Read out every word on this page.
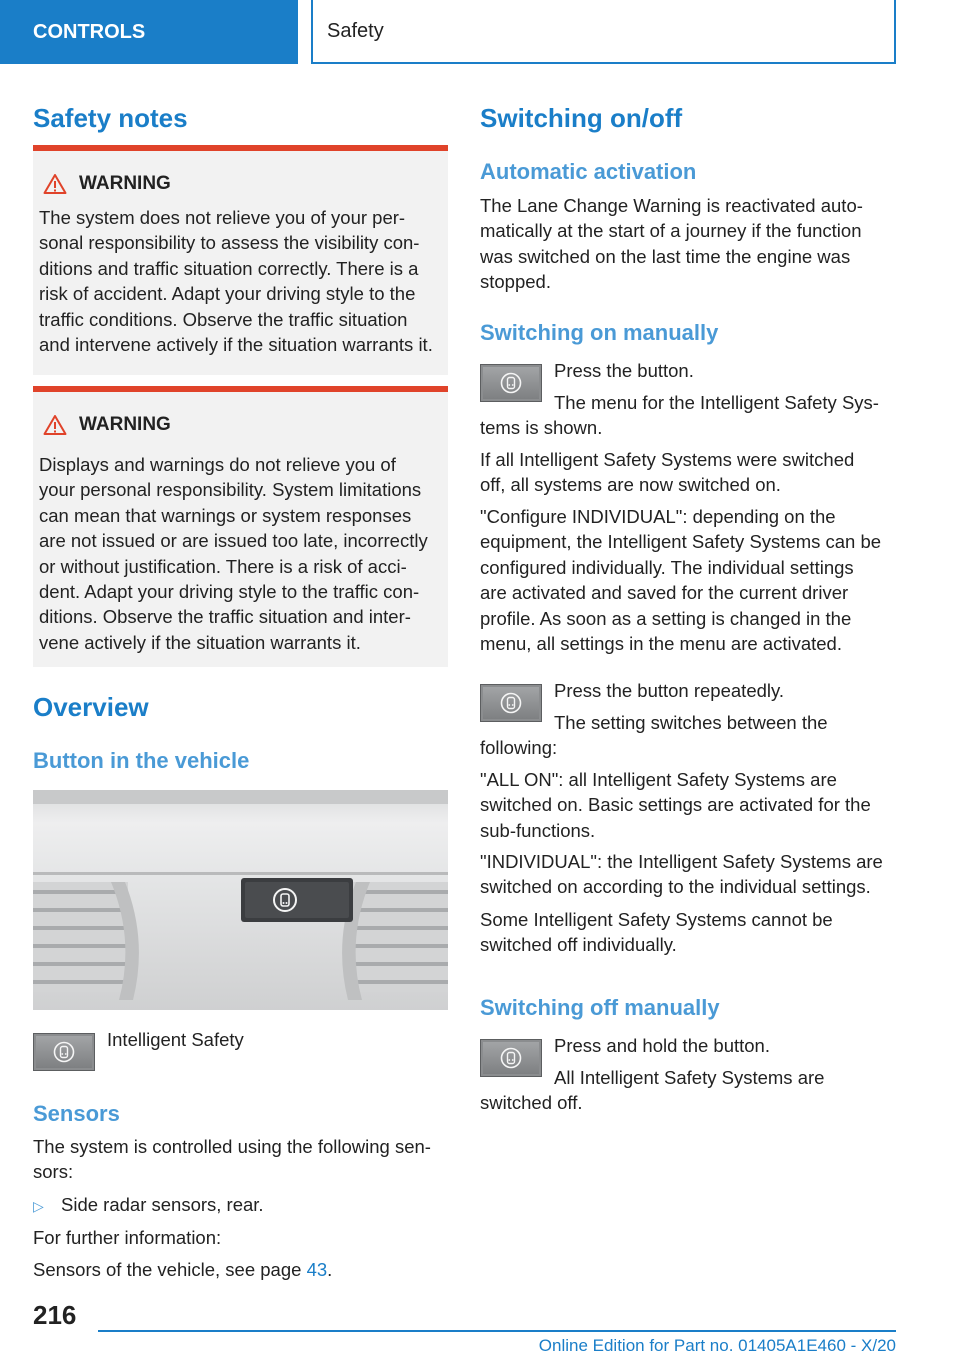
CONTROLS	Safety
Safety notes
WARNING
The system does not relieve you of your per-
sonal responsibility to assess the visibility con-
ditions and traffic situation correctly. There is a
risk of accident. Adapt your driving style to the
traffic conditions. Observe the traffic situation
and intervene actively if the situation warrants it.
WARNING
Displays and warnings do not relieve you of
your personal responsibility. System limitations
can mean that warnings or system responses
are not issued or are issued too late, incorrectly
or without justification. There is a risk of acci-
dent. Adapt your driving style to the traffic con-
ditions. Observe the traffic situation and inter-
vene actively if the situation warrants it.
Overview
Button in the vehicle
Intelligent Safety
Sensors
The system is controlled using the following sen-
sors:
▷ Side radar sensors, rear.
For further information:
Sensors of the vehicle, see page 43.
Switching on/off
Automatic activation
The Lane Change Warning is reactivated auto-
matically at the start of a journey if the function
was switched on the last time the engine was
stopped.
Switching on manually
Press the button.
The menu for the Intelligent Safety Sys-
tems is shown.
If all Intelligent Safety Systems were switched
off, all systems are now switched on.
"Configure INDIVIDUAL": depending on the
equipment, the Intelligent Safety Systems can be
configured individually. The individual settings
are activated and saved for the current driver
profile. As soon as a setting is changed in the
menu, all settings in the menu are activated.
Press the button repeatedly.
The setting switches between the
following:
"ALL ON": all Intelligent Safety Systems are
switched on. Basic settings are activated for the
sub-functions.
"INDIVIDUAL": the Intelligent Safety Systems are
switched on according to the individual settings.
Some Intelligent Safety Systems cannot be
switched off individually.
Switching off manually
Press and hold the button.
All Intelligent Safety Systems are
switched off.
216
Online Edition for Part no. 01405A1E460 - X/20
